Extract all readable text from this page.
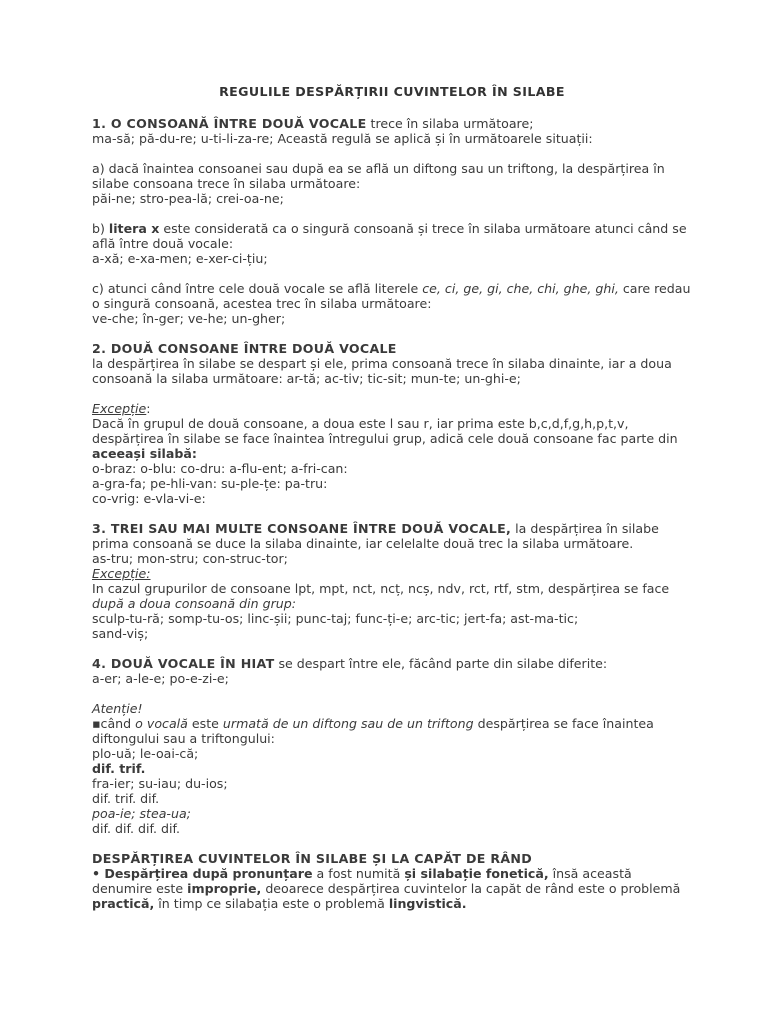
REGULILE DESPĂRȚIRII CUVINTELOR ÎN SILABE

1. O CONSOANĂ ÎNTRE DOUĂ VOCALE trece în silaba următoare;

ma-să; pă-du-re; u-ti-li-za-re; Această regulă se aplică și în următoarele situații:

a) dacă înaintea consoanei sau după ea se află un diftong sau un triftong, la despărțirea în silabe consoana trece în silaba următoare:

păi-ne; stro-pea-lă; crei-oa-ne;

b) litera x este considerată ca o singură consoană și trece în silaba următoare atunci când se află între două vocale:

a-xă; e-xa-men; e-xer-ci-țiu;

c) atunci când între cele două vocale se află literele ce, ci, ge, gi, che, chi, ghe, ghi, care redau o singură consoană, acestea trec în silaba următoare:

ve-che; în-ger; ve-he; un-gher;

2. DOUĂ CONSOANE ÎNTRE DOUĂ VOCALE

la despărțirea în silabe se despart și ele, prima consoană trece în silaba dinainte, iar a doua consoană la silaba următoare: ar-tă; ac-tiv; tic-sit; mun-te; un-ghi-e;

Excepție:

Dacă în grupul de două consoane, a doua este l sau r, iar prima este b,c,d,f,g,h,p,t,v, despărțirea în silabe se face înaintea întregului grup, adică cele două consoane fac parte din aceeași silabă:

o-braz: o-blu: co-dru: a-flu-ent; a-fri-can:

a-gra-fa; pe-hli-van: su-ple-țe: pa-tru:

co-vrig: e-vla-vi-e:

3. TREI SAU MAI MULTE CONSOANE ÎNTRE DOUĂ VOCALE, la despărțirea în silabe prima consoană se duce la silaba dinainte, iar celelalte două trec la silaba următoare.

as-tru; mon-stru; con-struc-tor;

Excepție:

In cazul grupurilor de consoane lpt, mpt, nct, ncț, ncș, ndv, rct, rtf, stm, despărțirea se face după a doua consoană din grup:

sculp-tu-ră; somp-tu-os; linc-șii; punc-taj; func-ți-e; arc-tic; jert-fa; ast-ma-tic;

sand-viș;

4. DOUĂ VOCALE ÎN HIAT se despart între ele, făcând parte din silabe diferite:

a-er; a-le-e; po-e-zi-e;

Atenție!

▪când o vocală este urmată de un diftong sau de un triftong despărțirea se face înaintea diftongului sau a triftongului:

plo-uă; le-oai-că;

dif. trif.

fra-ier; su-iau; du-ios;

dif. trif. dif.

poa-ie; stea-ua;

dif. dif. dif. dif.

DESPĂRȚIREA CUVINTELOR ÎN SILABE ȘI LA CAPĂT DE RÂND

• Despărțirea după pronunțare a fost numită și silabație fonetică, însă această denumire este improprie, deoarece despărțirea cuvintelor la capăt de rând este o problemă practică, în timp ce silabația este o problemă lingvistică.
